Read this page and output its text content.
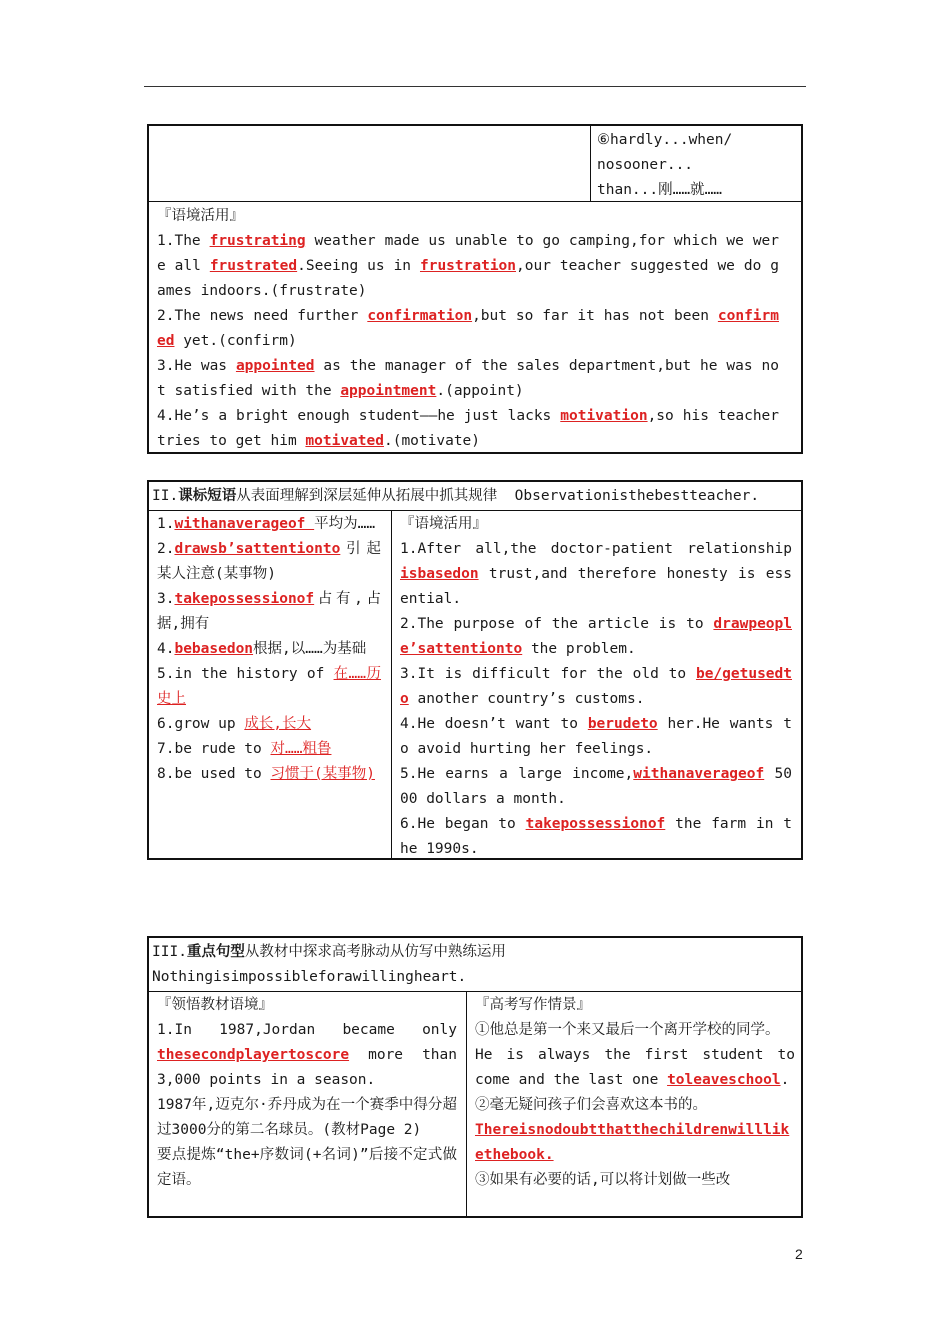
⑥hardly...when/
nosooner...
than...刚……就……
『语境活用』
1.The frustrating weather made us unable to go camping,for which we were all frustrated.Seeing us in frustration,our teacher suggested we do games indoors.(frustrate)
2.The news need further confirmation,but so far it has not been confirmed yet.(confirm)
3.He was appointed as the manager of the sales department,but he was not satisfied with the appointment.(appoint)
4.He’s a bright enough student——he just lacks motivation,so his teacher tries to get him motivated.(motivate)
II.课标短语从表面理解到深层延伸从拓展中抓其规律 Observationisthebestteacher.
1.withanaverageof 平均为……
2.drawsb’sattentionto引起某人注意(某事物)
3.takepossessionof占有,占据,拥有
4.bebasedon根据,以……为基础
5.in the history of 在……历史上
6.grow up 成长,长大
7.be rude to 对……粗鲁
8.be used to 习惯于(某事物)
『语境活用』
1.After all,the doctor-patient relationship isbasedon trust,and therefore honesty is essential.
2.The purpose of the article is to drawpeople’sattentionto the problem.
3.It is difficult for the old to be/getusedto another country’s customs.
4.He doesn’t want to berudeto her.He wants to avoid hurting her feelings.
5.He earns a large income,withanaverageof 5000 dollars a month.
6.He began to takepossessionof the farm in the 1990s.
III.重点句型从教材中探求高考脉动从仿写中熟练运用
Nothingisimpossibleforawillingheart.
『领悟教材语境』
1.In 1987,Jordan became only thesecondplayertoscore more than 3,000 points in a season.
1987年,迈克尔·乔丹成为在一个赛季中得分超过3000分的第二名球员。(教材Page 2)
要点提炼“the+序数词(+名词)”后接不定式做定语。
『高考写作情景』
①他总是第一个来又最后一个离开学校的同学。
He is always the first student to come and the last one toleaveschool.
②毫无疑问孩子们会喜欢这本书的。
Thereisnodoubtthatthechildrenwilllikethebook.
③如果有必要的话,可以将计划做一些改
2
